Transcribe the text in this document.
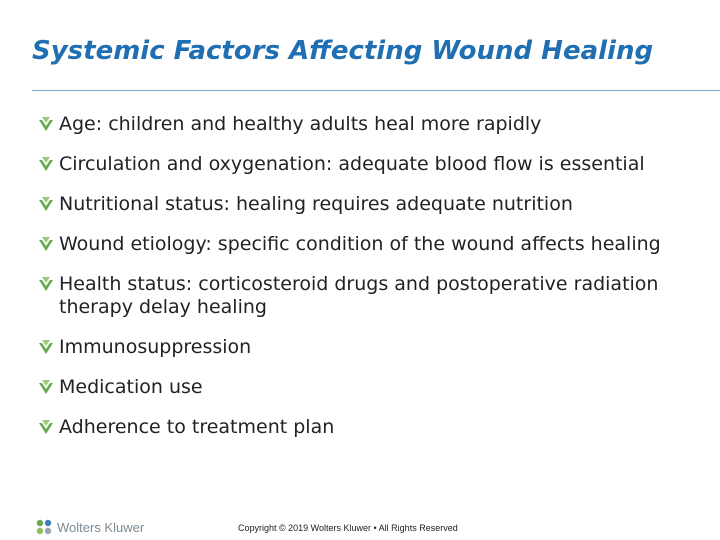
Systemic Factors Affecting Wound Healing
Age: children and healthy adults heal more rapidly
Circulation and oxygenation: adequate blood flow is essential
Nutritional status: healing requires adequate nutrition
Wound etiology: specific condition of the wound affects healing
Health status: corticosteroid drugs and postoperative radiation therapy delay healing
Immunosuppression
Medication use
Adherence to treatment plan
Wolters Kluwer	Copyright © 2019 Wolters Kluwer • All Rights Reserved
